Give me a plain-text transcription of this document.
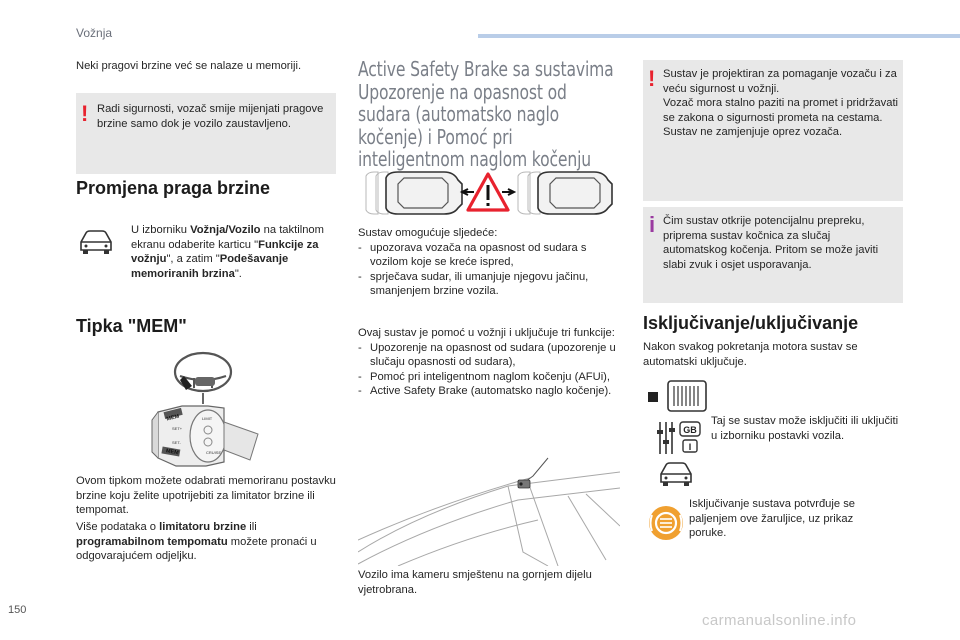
Vožnja
Neki pragovi brzine već se nalaze u memoriji.
! Radi sigurnosti, vozač smije mijenjati pragove brzine samo dok je vozilo zaustavljeno.
Promjena praga brzine
U izborniku Vožnja/Vozilo na taktilnom ekranu odaberite karticu "Funkcije za vožnju", a zatim "Podešavanje memoriranih brzina".
Tipka "MEM"
MEM
MEM
LIMIT
CRUISE
SET+
SET-
Ovom tipkom možete odabrati memoriranu postavku brzine koju želite upotrijebiti za limitator brzine ili tempomat.
Više podataka o limitatoru brzine ili programabilnom tempomatu možete pronaći u odgovarajućem odjeljku.
Active Safety Brake sa sustavima Upozorenje na opasnost od sudara (automatsko naglo kočenje) i Pomoć pri inteligentnom naglom kočenju
Sustav omogućuje sljedeće:
- upozorava vozača na opasnost od sudara s vozilom koje se kreće ispred,
- sprječava sudar, ili umanjuje njegovu jačinu, smanjenjem brzine vozila.
Ovaj sustav je pomoć u vožnji i uključuje tri funkcije:
- Upozorenje na opasnost od sudara (upozorenje u slučaju opasnosti od sudara),
- Pomoć pri inteligentnom naglom kočenju (AFUi),
- Active Safety Brake (automatsko naglo kočenje).
Vozilo ima kameru smještenu na gornjem dijelu vjetrobrana.
! Sustav je projektiran za pomaganje vozaču i za veću sigurnost u vožnji.
Vozač mora stalno paziti na promet i pridržavati se zakona o sigurnosti prometa na cestama.
Sustav ne zamjenjuje oprez vozača.
i Čim sustav otkrije potencijalnu prepreku, priprema sustav kočnica za slučaj automatskog kočenja. Pritom se može javiti slabi zvuk i osjet usporavanja.
Isključivanje/uključivanje
Nakon svakog pokretanja motora sustav se automatski uključuje.
GB
I
Taj se sustav može isključiti ili uključiti u izborniku postavki vozila.
Isključivanje sustava potvrđuje se paljenjem ove žaruljice, uz prikaz poruke.
150
carmanualsonline.info
